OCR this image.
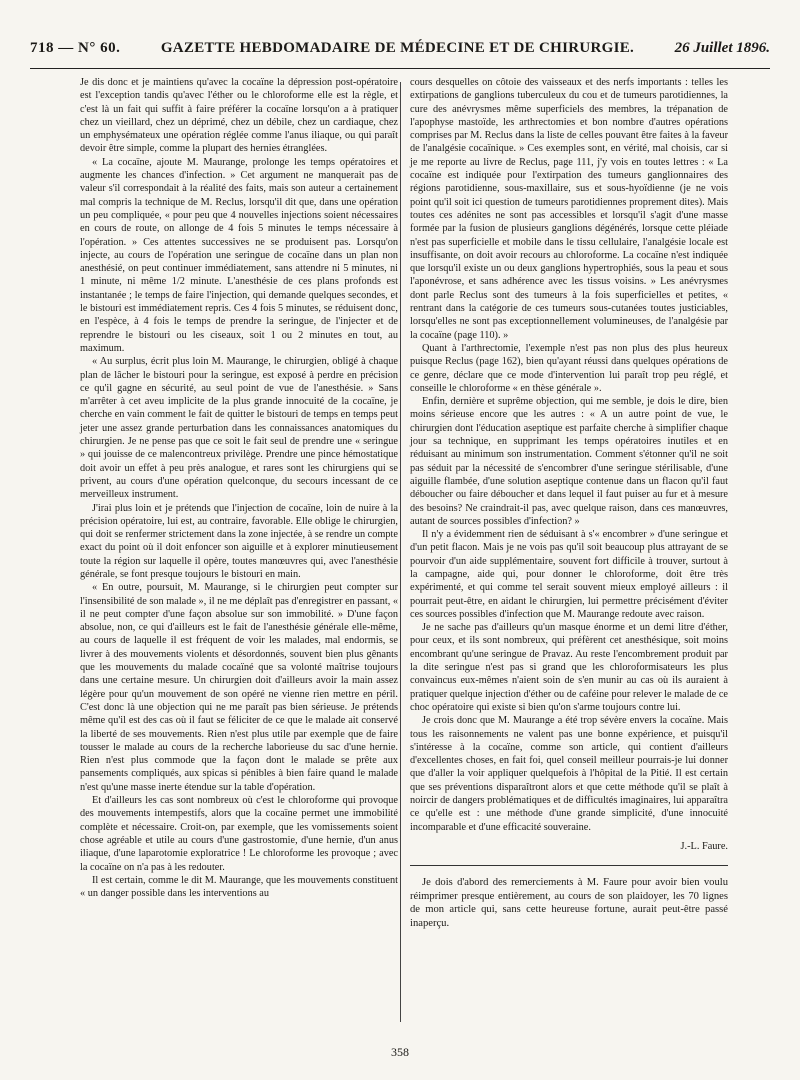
718 — N° 60.	GAZETTE HEBDOMADAIRE DE MÉDECINE ET DE CHIRURGIE.	26 Juillet 1896.

Je dis donc et je maintiens qu'avec la cocaïne la dépression post-opératoire est l'exception tandis qu'avec l'éther ou le chloroforme elle est la règle, et c'est là un fait qui suffit à faire préférer la cocaïne lorsqu'on a à pratiquer chez un vieillard, chez un déprimé, chez un débile, chez un cardiaque, chez un emphysémateux une opération réglée comme l'anus iliaque, ou qui paraît devoir être simple, comme la plupart des hernies étranglées.

« La cocaïne, ajoute M. Maurange, prolonge les temps opératoires et augmente les chances d'infection. » Cet argument ne manquerait pas de valeur s'il correspondait à la réalité des faits, mais son auteur a certainement mal compris la technique de M. Reclus, lorsqu'il dit que, dans une opération un peu compliquée, « pour peu que 4 nouvelles injections soient nécessaires en cours de route, on allonge de 4 fois 5 minutes le temps nécessaire à l'opération. » Ces attentes successives ne se produisent pas. Lorsqu'on injecte, au cours de l'opération une seringue de cocaïne dans un plan non anesthésié, on peut continuer immédiatement, sans attendre ni 5 minutes, ni 1 minute, ni même 1/2 minute. L'anesthésie de ces plans profonds est instantanée ; le temps de faire l'injection, qui demande quelques secondes, et le bistouri est immédiatement repris. Ces 4 fois 5 minutes, se réduisent donc, en l'espèce, à 4 fois le temps de prendre la seringue, de l'injecter et de reprendre le bistouri ou les ciseaux, soit 1 ou 2 minutes en tout, au maximum.

« Au surplus, écrit plus loin M. Maurange, le chirurgien, obligé à chaque plan de lâcher le bistouri pour la seringue, est exposé à perdre en précision ce qu'il gagne en sécurité, au seul point de vue de l'anesthésie. » Sans m'arrêter à cet aveu implicite de la plus grande innocuité de la cocaïne, je cherche en vain comment le fait de quitter le bistouri de temps en temps peut jeter une assez grande perturbation dans les connaissances anatomiques du chirurgien. Je ne pense pas que ce soit le fait seul de prendre une « seringue » qui jouisse de ce malencontreux privilège. Prendre une pince hémostatique doit avoir un effet à peu près analogue, et rares sont les chirurgiens qui se privent, au cours d'une opération quelconque, du secours incessant de ce merveilleux instrument.

J'irai plus loin et je prétends que l'injection de cocaïne, loin de nuire à la précision opératoire, lui est, au contraire, favorable. Elle oblige le chirurgien, qui doit se renfermer strictement dans la zone injectée, à se rendre un compte exact du point où il doit enfoncer son aiguille et à explorer minutieusement toute la région sur laquelle il opère, toutes manœuvres qui, avec l'anesthésie générale, se font presque toujours le bistouri en main.

« En outre, poursuit, M. Maurange, si le chirurgien peut compter sur l'insensibilité de son malade », il ne me déplaît pas d'enregistrer en passant, « il ne peut compter d'une façon absolue sur son immobilité. » D'une façon absolue, non, ce qui d'ailleurs est le fait de l'anesthésie générale elle-même, au cours de laquelle il est fréquent de voir les malades, mal endormis, se livrer à des mouvements violents et désordonnés, souvent bien plus gênants que les mouvements du malade cocaïné que sa volonté maîtrise toujours dans une certaine mesure. Un chirurgien doit d'ailleurs avoir la main assez légère pour qu'un mouvement de son opéré ne vienne rien mettre en péril. C'est donc là une objection qui ne me paraît pas bien sérieuse. Je prétends même qu'il est des cas où il faut se féliciter de ce que le malade ait conservé la liberté de ses mouvements. Rien n'est plus utile par exemple que de faire tousser le malade au cours de la recherche laborieuse du sac d'une hernie. Rien n'est plus commode que la façon dont le malade se prête aux pansements compliqués, aux spicas si pénibles à bien faire quand le malade n'est qu'une masse inerte étendue sur la table d'opération.

Et d'ailleurs les cas sont nombreux où c'est le chloroforme qui provoque des mouvements intempestifs, alors que la cocaïne permet une immobilité complète et nécessaire. Croit-on, par exemple, que les vomissements soient chose agréable et utile au cours d'une gastrostomie, d'une hernie, d'un anus iliaque, d'une laparotomie exploratrice ! Le chloroforme les provoque ; avec la cocaïne on n'a pas à les redouter.

Il est certain, comme le dit M. Maurange, que les mouvements constituent « un danger possible dans les interventions au

cours desquelles on côtoie des vaisseaux et des nerfs importants : telles les extirpations de ganglions tuberculeux du cou et de tumeurs parotidiennes, la cure des anévrysmes même superficiels des membres, la trépanation de l'apophyse mastoïde, les arthrectomies et bon nombre d'autres opérations comprises par M. Reclus dans la liste de celles pouvant être faites à la faveur de l'analgésie cocaïnique. » Ces exemples sont, en vérité, mal choisis, car si je me reporte au livre de Reclus, page 111, j'y vois en toutes lettres : « La cocaïne est indiquée pour l'extirpation des tumeurs ganglionnaires des régions parotidienne, sous-maxillaire, sus et sous-hyoïdienne (je ne vois point qu'il soit ici question de tumeurs parotidiennes proprement dites). Mais toutes ces adénites ne sont pas accessibles et lorsqu'il s'agit d'une masse formée par la fusion de plusieurs ganglions dégénérés, lorsque cette pléiade n'est pas superficielle et mobile dans le tissu cellulaire, l'analgésie locale est insuffisante, on doit avoir recours au chloroforme. La cocaïne n'est indiquée que lorsqu'il existe un ou deux ganglions hypertrophiés, sous la peau et sous l'aponévrose, et sans adhérence avec les tissus voisins. » Les anévrysmes dont parle Reclus sont des tumeurs à la fois superficielles et petites, « rentrant dans la catégorie de ces tumeurs sous-cutanées toutes justiciables, lorsqu'elles ne sont pas exceptionnellement volumineuses, de l'analgésie par la cocaïne (page 110). »

Quant à l'arthrectomie, l'exemple n'est pas non plus des plus heureux puisque Reclus (page 162), bien qu'ayant réussi dans quelques opérations de ce genre, déclare que ce mode d'intervention lui paraît trop peu réglé, et conseille le chloroforme « en thèse générale ».

Enfin, dernière et suprême objection, qui me semble, je dois le dire, bien moins sérieuse encore que les autres : « A un autre point de vue, le chirurgien dont l'éducation aseptique est parfaite cherche à simplifier chaque jour sa technique, en supprimant les temps opératoires inutiles et en réduisant au minimum son instrumentation. Comment s'étonner qu'il ne soit pas séduit par la nécessité de s'encombrer d'une seringue stérilisable, d'une aiguille flambée, d'une solution aseptique contenue dans un flacon qu'il faut déboucher ou faire déboucher et dans lequel il faut puiser au fur et à mesure des besoins? Ne craindrait-il pas, avec quelque raison, dans ces manœuvres, autant de sources possibles d'infection? »

Il n'y a évidemment rien de séduisant à s'« encombrer » d'une seringue et d'un petit flacon. Mais je ne vois pas qu'il soit beaucoup plus attrayant de se pourvoir d'un aide supplémentaire, souvent fort difficile à trouver, surtout à la campagne, aide qui, pour donner le chloroforme, doit être très expérimenté, et qui comme tel serait souvent mieux employé ailleurs : il pourrait peut-être, en aidant le chirurgien, lui permettre précisément d'éviter ces sources possibles d'infection que M. Maurange redoute avec raison.

Je ne sache pas d'ailleurs qu'un masque énorme et un demi litre d'éther, pour ceux, et ils sont nombreux, qui préfèrent cet anesthésique, soit moins encombrant qu'une seringue de Pravaz. Au reste l'encombrement produit par la dite seringue n'est pas si grand que les chloroformisateurs les plus convaincus eux-mêmes n'aient soin de s'en munir au cas où ils auraient à pratiquer quelque injection d'éther ou de caféine pour relever le malade de ce choc opératoire qui existe si bien qu'on s'arme toujours contre lui.

Je crois donc que M. Maurange a été trop sévère envers la cocaïne. Mais tous les raisonnements ne valent pas une bonne expérience, et puisqu'il s'intéresse à la cocaïne, comme son article, qui contient d'ailleurs d'excellentes choses, en fait foi, quel conseil meilleur pourrais-je lui donner que d'aller la voir appliquer quelquefois à l'hôpital de la Pitié. Il est certain que ses préventions disparaîtront alors et que cette méthode qu'il se plaît à noircir de dangers problématiques et de difficultés imaginaires, lui apparaîtra ce qu'elle est : une méthode d'une grande simplicité, d'une innocuité incomparable et d'une efficacité souveraine.

J.-L. Faure.

Je dois d'abord des remerciements à M. Faure pour avoir bien voulu réimprimer presque entièrement, au cours de son plaidoyer, les 70 lignes de mon article qui, sans cette heureuse fortune, aurait peut-être passé inaperçu.

358
